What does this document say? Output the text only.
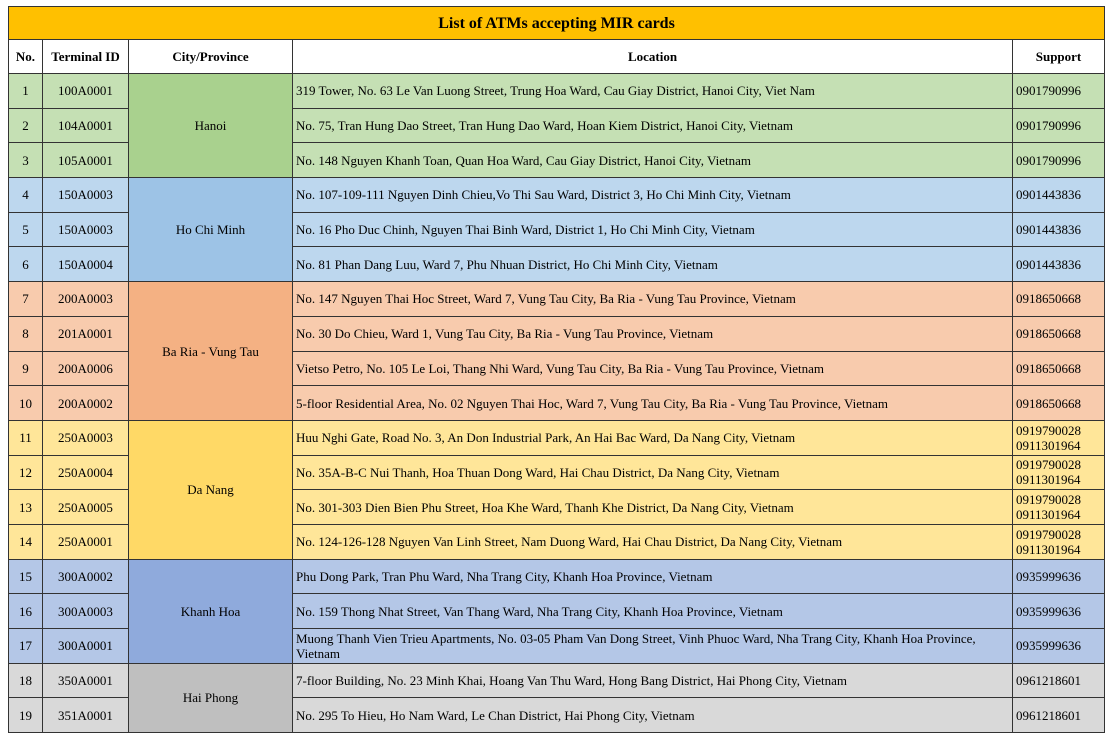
List of ATMs accepting MIR cards				
No.	Terminal ID	City/Province	Location	Support
1	100A0001	Hanoi	319 Tower, No. 63 Le Van Luong Street, Trung Hoa Ward, Cau Giay District, Hanoi City, Viet Nam	0901790996

2	104A0001		No. 75, Tran Hung Dao Street, Tran Hung Dao Ward, Hoan Kiem District, Hanoi City, Vietnam	0901790996

3	105A0001		No. 148 Nguyen Khanh Toan, Quan Hoa Ward, Cau Giay District, Hanoi City, Vietnam	0901790996

4	150A0003	Ho Chi Minh	No. 107-109-111 Nguyen Dinh Chieu,Vo Thi Sau Ward, District 3, Ho Chi Minh City, Vietnam	0901443836

5	150A0003		No. 16 Pho Duc Chinh, Nguyen Thai Binh Ward, District 1, Ho Chi Minh City, Vietnam	0901443836

6	150A0004		No. 81 Phan Dang Luu, Ward 7, Phu Nhuan District, Ho Chi Minh City, Vietnam	0901443836

7	200A0003	Ba Ria - Vung Tau	No. 147 Nguyen Thai Hoc Street, Ward 7, Vung Tau City, Ba Ria - Vung Tau Province, Vietnam	0918650668

8	201A0001		No. 30 Do Chieu, Ward 1, Vung Tau City, Ba Ria - Vung Tau Province, Vietnam	0918650668

9	200A0006		Vietso Petro, No. 105 Le Loi, Thang Nhi Ward, Vung Tau City, Ba Ria - Vung Tau Province, Vietnam	0918650668

10	200A0002		5-floor Residential Area, No. 02 Nguyen Thai Hoc, Ward 7, Vung Tau City, Ba Ria - Vung Tau Province, Vietnam	0918650668

11	250A0003	Da Nang	Huu Nghi Gate, Road No. 3, An Don Industrial Park, An Hai Bac Ward, Da Nang City, Vietnam	0919790028
0911301964

12	250A0004		No. 35A-B-C Nui Thanh, Hoa Thuan Dong Ward, Hai Chau District, Da Nang City, Vietnam	0919790028
0911301964

13	250A0005		No. 301-303 Dien Bien Phu Street, Hoa Khe Ward, Thanh Khe District, Da Nang City, Vietnam	0919790028
0911301964

14	250A0001		No. 124-126-128 Nguyen Van Linh Street, Nam Duong Ward, Hai Chau District, Da Nang City, Vietnam	0919790028
0911301964

15	300A0002	Khanh Hoa	Phu Dong Park, Tran Phu Ward, Nha Trang City, Khanh Hoa Province, Vietnam	0935999636

16	300A0003		No. 159 Thong Nhat Street, Van Thang Ward, Nha Trang City, Khanh Hoa Province, Vietnam	0935999636

17	300A0001		Muong Thanh Vien Trieu Apartments, No. 03-05 Pham Van Dong Street, Vinh Phuoc Ward, Nha Trang City, Khanh Hoa Province, Vietnam	0935999636

18	350A0001	Hai Phong	7-floor Building, No. 23 Minh Khai, Hoang Van Thu Ward, Hong Bang District, Hai Phong City, Vietnam	0961218601

19	351A0001		No. 295 To Hieu, Ho Nam Ward, Le Chan District, Hai Phong City, Vietnam	0961218601
